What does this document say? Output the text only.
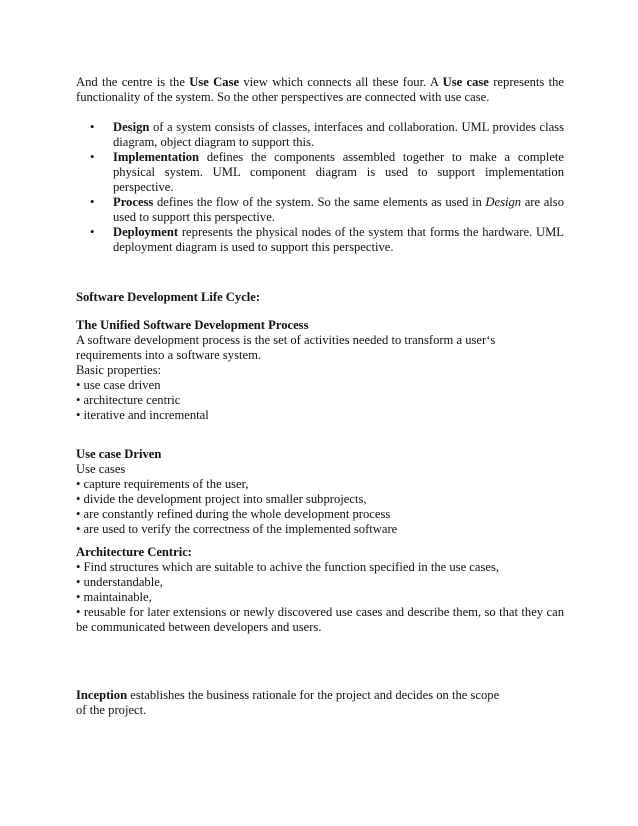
And the centre is the Use Case view which connects all these four. A Use case represents the functionality of the system. So the other perspectives are connected with use case.

• Design of a system consists of classes, interfaces and collaboration. UML provides class diagram, object diagram to support this.
• Implementation defines the components assembled together to make a complete physical system. UML component diagram is used to support implementation perspective.
• Process defines the flow of the system. So the same elements as used in Design are also used to support this perspective.
• Deployment represents the physical nodes of the system that forms the hardware. UML deployment diagram is used to support this perspective.

Software Development Life Cycle:

The Unified Software Development Process

A software development process is the set of activities needed to transform a user‘s

requirements into a software system.

Basic properties:

• use case driven

• architecture centric

• iterative and incremental

Use case Driven

Use cases

• capture requirements of the user,

• divide the development project into smaller subprojects,

• are constantly refined during the whole development process

• are used to verify the correctness of the implemented software

Architecture Centric:

• Find structures which are suitable to achive the function specified in the use cases,

• understandable,

• maintainable,

• reusable for later extensions or newly discovered use cases and describe them, so that they can be communicated between developers and users.

Inception establishes the business rationale for the project and decides on the scope

of the project.
